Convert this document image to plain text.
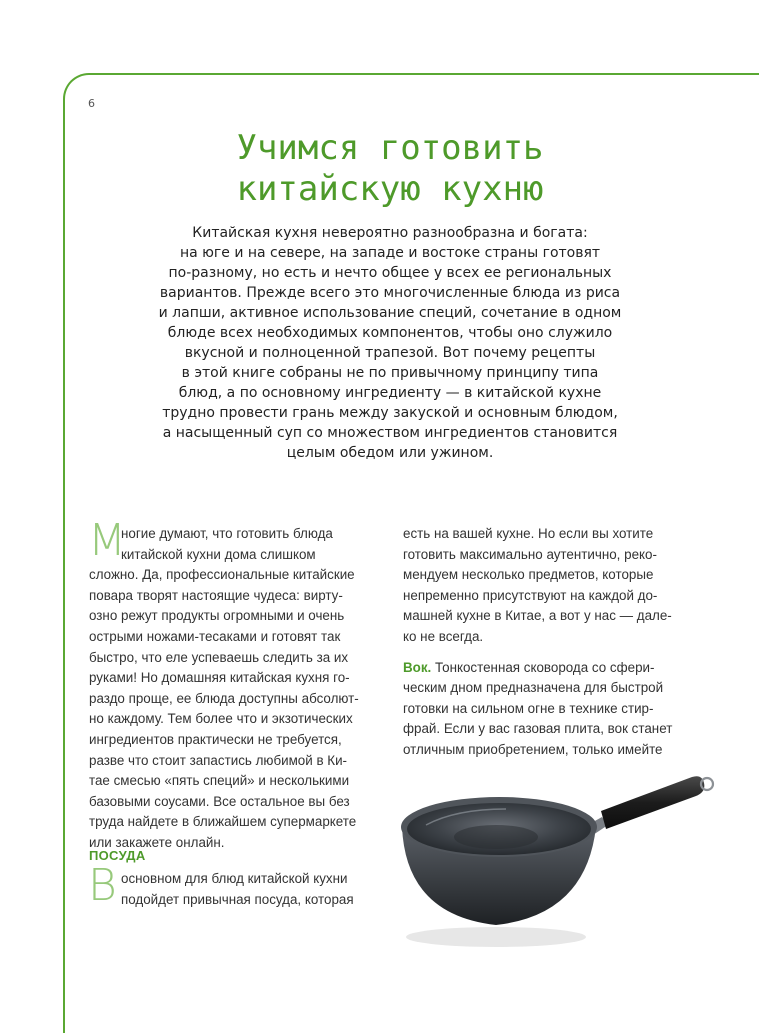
6
Учимся готовить
китайскую кухню

Китайская кухня невероятно разнообразна и богата:
на юге и на севере, на западе и востоке страны готовят
по-разному, но есть и нечто общее у всех ее региональных
вариантов. Прежде всего это многочисленные блюда из риса
и лапши, активное использование специй, сочетание в одном
блюде всех необходимых компонентов, чтобы оно служило
вкусной и полноценной трапезой. Вот почему рецепты
в этой книге собраны не по привычному принципу типа
блюд, а по основному ингредиенту — в китайской кухне
трудно провести грань между закуской и основным блюдом,
а насыщенный суп со множеством ингредиентов становится
целым обедом или ужином.

М
ногие думают, что готовить блюда
китайской кухни дома слишком
сложно. Да, профессиональные китайские
повара творят настоящие чудеса: вирту-
озно режут продукты огромными и очень
острыми ножами-тесаками и готовят так
быстро, что еле успеваешь следить за их
руками! Но домашняя китайская кухня го-
раздо проще, ее блюда доступны абсолют-
но каждому. Тем более что и экзотических
ингредиентов практически не требуется,
разве что стоит запастись любимой в Ки-
тае смесью «пять специй» и несколькими
базовыми соусами. Все остальное вы без
труда найдете в ближайшем супермаркете
или закажете онлайн.
ПОСУДА
В основном для блюд китайской кухни
подойдет привычная посуда, которая
есть на вашей кухне. Но если вы хотите
готовить максимально аутентично, реко-
мендуем несколько предметов, которые
непременно присутствуют на каждой до-
машней кухне в Китае, а вот у нас — дале-
ко не всегда.
Вок. Тонкостенная сковорода со сфери-
ческим дном предназначена для быстрой
готовки на сильном огне в технике стир-
фрай. Если у вас газовая плита, вок станет
отличным приобретением, только имейте
